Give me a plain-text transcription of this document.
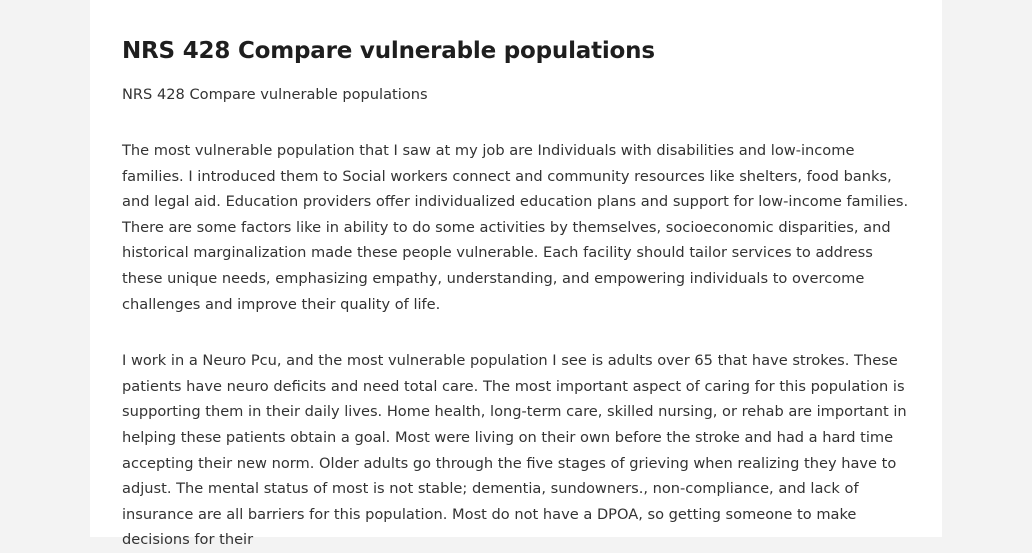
NRS 428 Compare vulnerable populations
NRS 428 Compare vulnerable populations

The most vulnerable population that I saw at my job are Individuals with disabilities and low-income families. I introduced them to Social workers connect and community resources like shelters, food banks, and legal aid. Education providers offer individualized education plans and support for low-income families. There are some factors like in ability to do some activities by themselves, socioeconomic disparities, and historical marginalization made these people vulnerable. Each facility should tailor services to address these unique needs, emphasizing empathy, understanding, and empowering individuals to overcome challenges and improve their quality of life.

I work in a Neuro Pcu, and the most vulnerable population I see is adults over 65 that have strokes. These patients have neuro deficits and need total care. The most important aspect of caring for this population is supporting them in their daily lives. Home health, long-term care, skilled nursing, or rehab are important in helping these patients obtain a goal. Most were living on their own before the stroke and had a hard time accepting their new norm. Older adults go through the five stages of grieving when realizing they have to adjust. The mental status of most is not stable; dementia, sundowners., non-compliance, and lack of insurance are all barriers for this population. Most do not have a DPOA, so getting someone to make decisions for their
